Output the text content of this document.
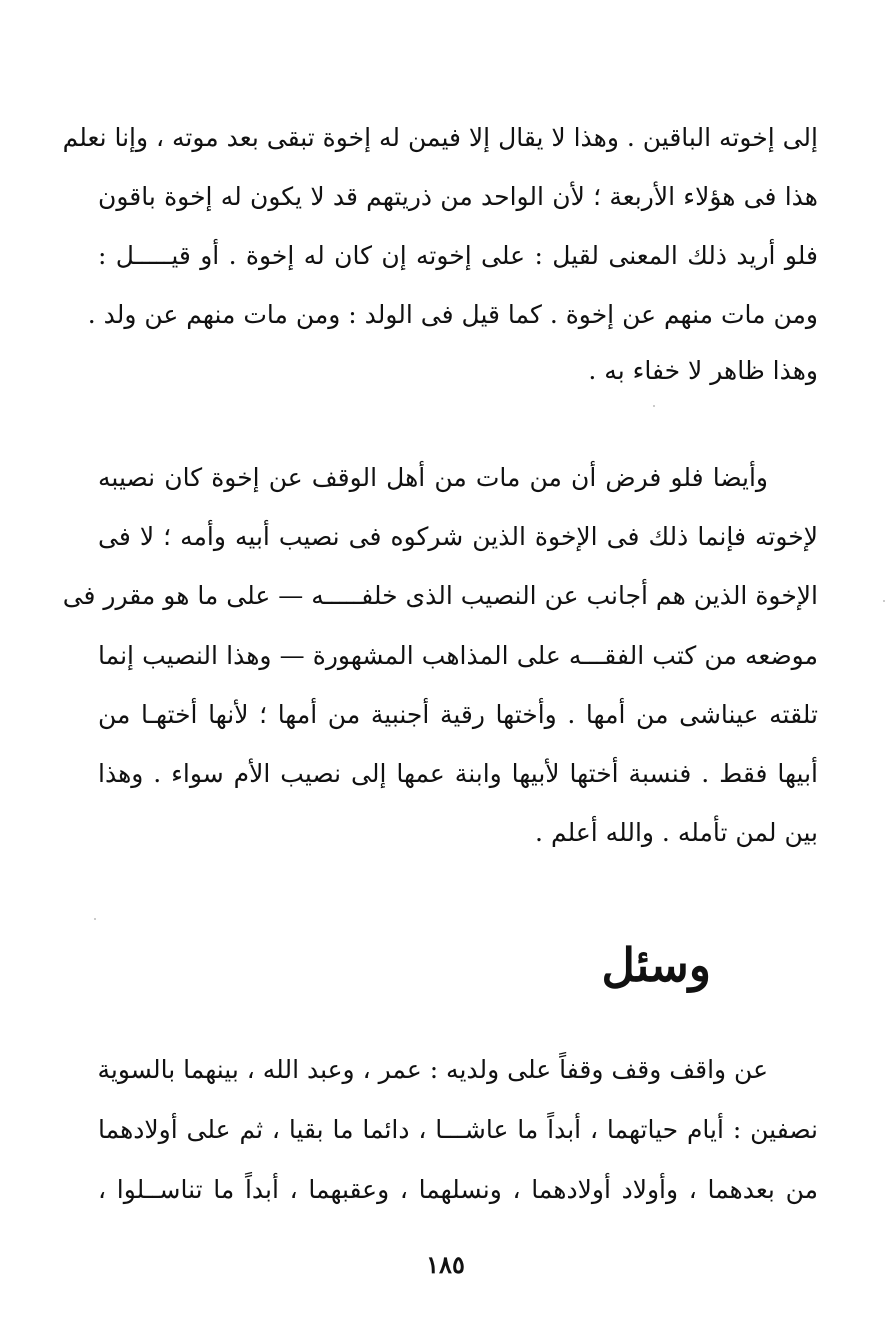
إلى إخوته الباقين . وهذا لا يقال إلا فيمن له إخوة تبقى بعد موته ، وإنا نعلم
هذا فى هؤلاء الأربعة ؛ لأن الواحد من ذريتهم قد لا يكون له إخوة باقون
فلو أريد ذلك المعنى لقيل : على إخوته إن كان له إخوة . أو قيـــــل :
ومن مات منهم عن إخوة . كما قيل فى الولد : ومن مات منهم عن ولد .
وهذا ظاهر لا خفاء به .
وأيضا فلو فرض أن من مات من أهل الوقف عن إخوة كان نصيبه
لإخوته فإنما ذلك فى الإخوة الذين شركوه فى نصيب أبيه وأمه ؛ لا فى
الإخوة الذين هم أجانب عن النصيب الذى خلفـــــه — على ما هو مقرر فى
موضعه من كتب الفقـــه على المذاهب المشهورة — وهذا النصيب إنما
تلقته عيناشى من أمها . وأختها رقية أجنبية من أمها ؛ لأنها أختهـا من
أبيها فقط . فنسبة أختها لأبيها وابنة عمها إلى نصيب الأم سواء . وهذا
بين لمن تأمله . والله أعلم .
وسئل
عن واقف وقف وقفاً على ولديه : عمر ، وعبد الله ، بينهما بالسوية
نصفين : أيام حياتهما ، أبداً ما عاشـــا ، دائما ما بقيا ، ثم على أولادهما
من بعدهما ، وأولاد أولادهما ، ونسلهما ، وعقبهما ، أبداً ما تناســلوا ،
١٨٥
